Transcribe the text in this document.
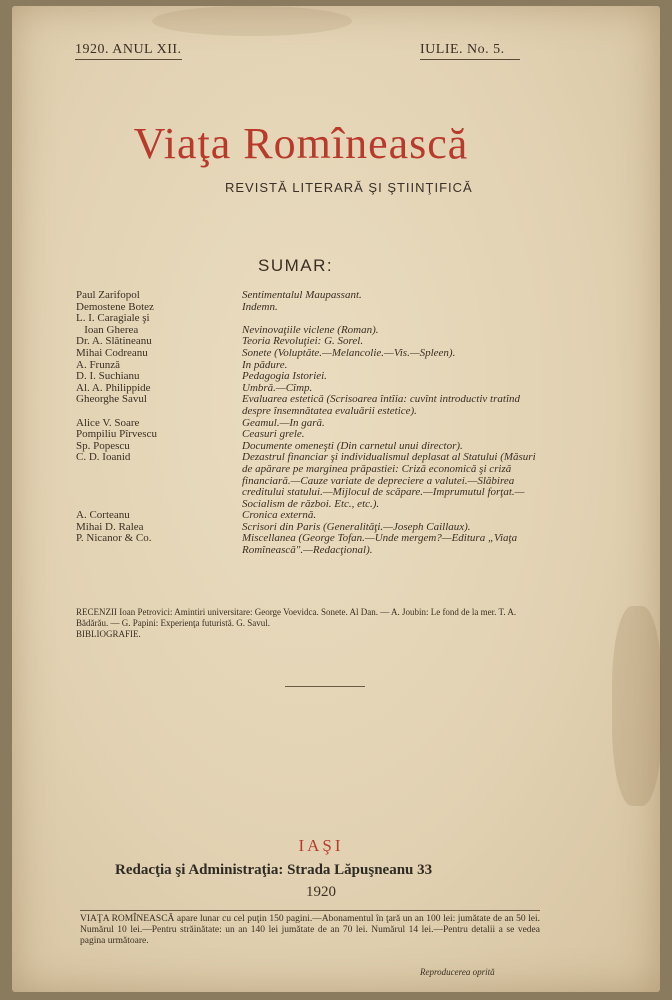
1920. ANUL XII.	IULIE. No. 5.
Viaţa Romînească
REVISTĂ LITERARĂ ŞI ŞTIINŢIFICĂ
SUMAR:
Paul Zarifopol	Sentimentalul Maupassant.
Demostene Botez	Indemn.
L. I. Caragiale şi
Ioan Gherea	Nevinovaţiile viclene (Roman).
Dr. A. Slătineanu	Teoria Revoluţiei: G. Sorel.
Mihai Codreanu	Sonete (Voluptăte.—Melancolie.—Vis.—Spleen).
A. Frunză	In pădure.
D. I. Suchianu	Pedagogia Istoriei.
Al. A. Philippide	Umbră.—Cîmp.
Gheorghe Savul	Evaluarea estetică (Scrisoarea întîia: cuvînt introductiv tratînd despre însemnătatea evaluării estetice).
Alice V. Soare	Geamul.—In gară.
Pompiliu Pîrvescu	Ceasuri grele.
Sp. Popescu	Documente omeneşti (Din carnetul unui director).
C. D. Ioanid	Dezastrul financiar şi individualismul deplasat al Statului (Măsuri de apărare pe marginea prăpastiei: Criză economică şi criză financiară.—Cauze variate de depreciere a valutei.—Slăbirea creditului statului.—Mijlocul de scăpare.—Imprumutul forţat.—Socialism de război. Etc., etc.).
A. Corteanu	Cronica externă.
Mihai D. Ralea	Scrisori din Paris (Generalităţi.—Joseph Caillaux).
P. Nicanor & Co.	Miscellanea (George Tofan.—Unde mergem?—Editura „Viaţa Romînească".—Redacţional).
RECENZII Ioan Petrovici: Amintiri universitare: George Voevidca. Sonete. Al Dan. — A. Joubin: Le fond de la mer. T. A. Bădărău. — G. Papini: Experienţa futuristă. G. Savul.
BIBLIOGRAFIE.
IAŞI
Redacţia şi Administraţia: Strada Lăpuşneanu 33
1920
VIAŢA ROMÎNEASCĂ apare lunar cu cel puţin 150 pagini.—Abonamentul în ţară un an 100 lei: jumătate de an 50 lei. Numărul 10 lei.—Pentru străinătate: un an 140 lei jumătate de an 70 lei. Numărul 14 lei.—Pentru detalii a se vedea pagina următoare.
Reproducerea oprită
